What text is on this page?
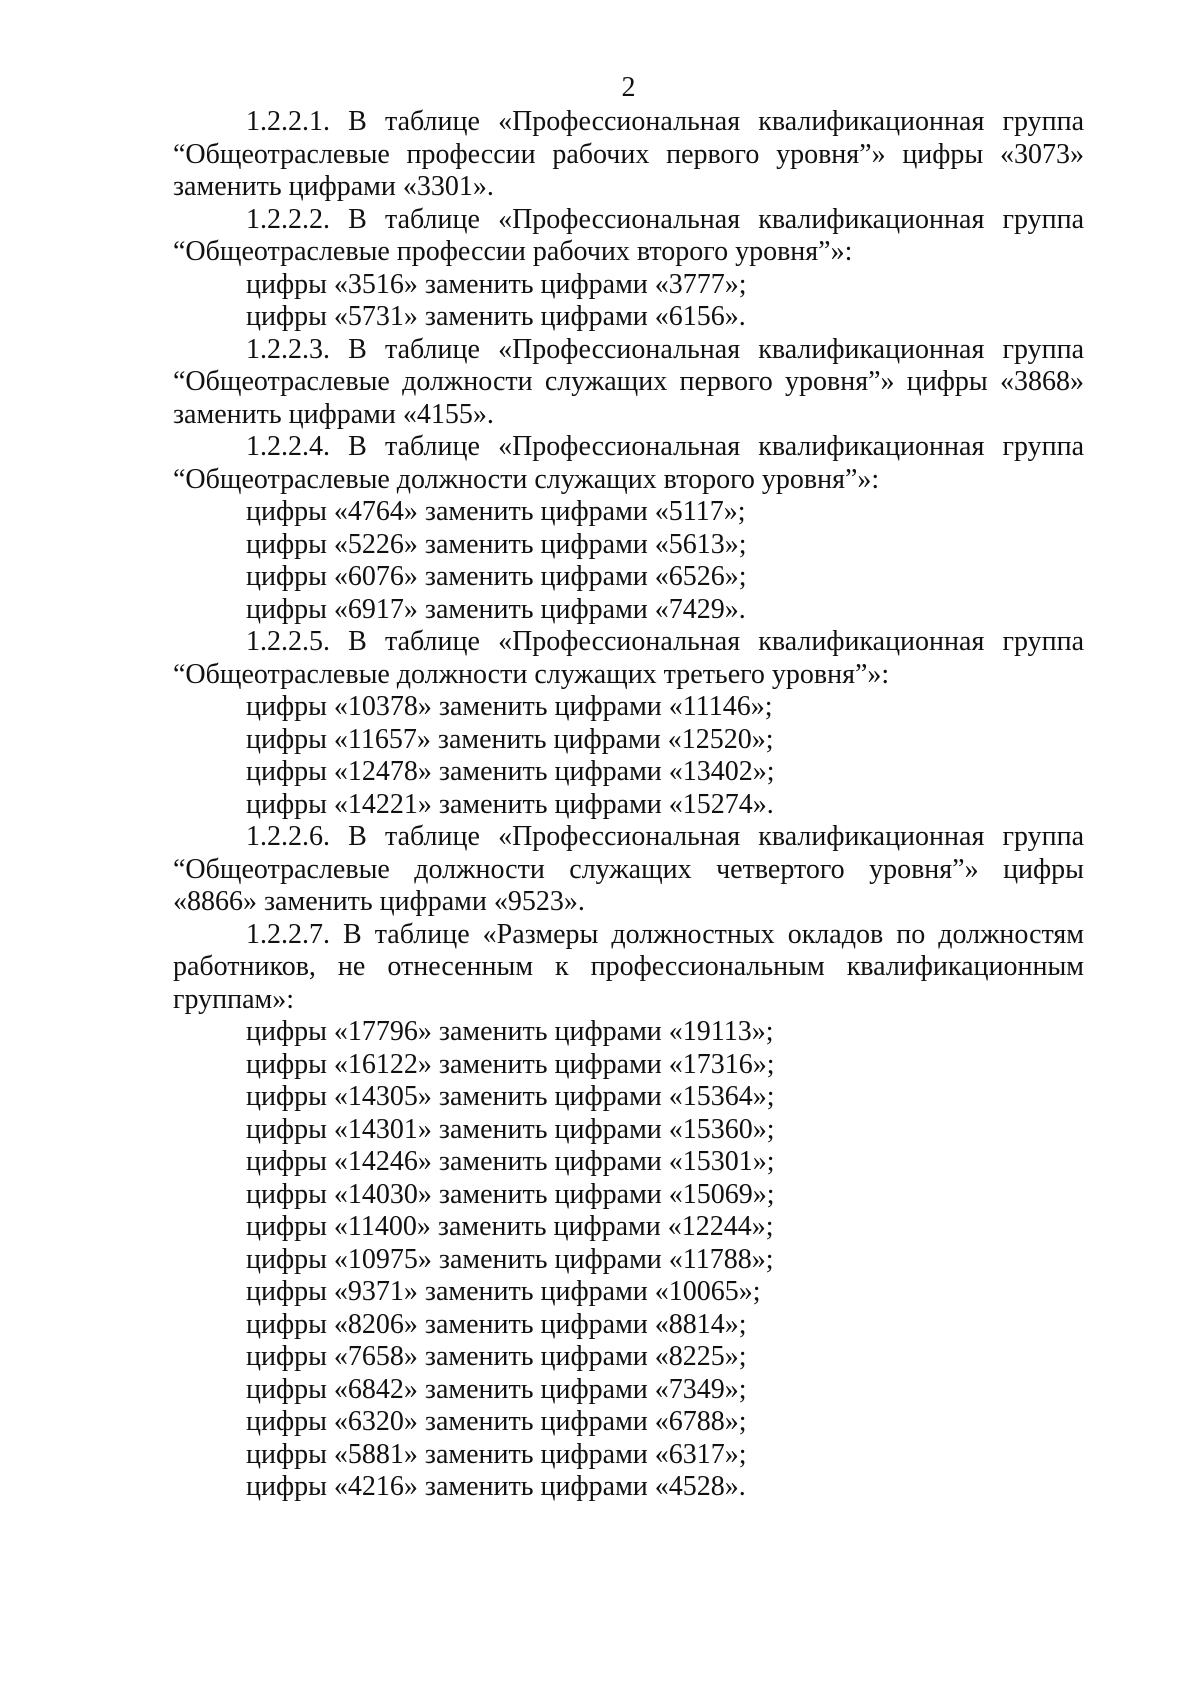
2

1.2.2.1. В таблице «Профессиональная квалификационная группа “Общеотраслевые профессии рабочих первого уровня”» цифры «3073» заменить цифрами «3301».

1.2.2.2. В таблице «Профессиональная квалификационная группа “Общеотраслевые профессии рабочих второго уровня”»:

цифры «3516» заменить цифрами «3777»;

цифры «5731» заменить цифрами «6156».

1.2.2.3. В таблице «Профессиональная квалификационная группа “Общеотраслевые должности служащих первого уровня”» цифры «3868» заменить цифрами «4155».

1.2.2.4. В таблице «Профессиональная квалификационная группа “Общеотраслевые должности служащих второго уровня”»:

цифры «4764» заменить цифрами «5117»;

цифры «5226» заменить цифрами «5613»;

цифры «6076» заменить цифрами «6526»;

цифры «6917» заменить цифрами «7429».

1.2.2.5. В таблице «Профессиональная квалификационная группа “Общеотраслевые должности служащих третьего уровня”»:

цифры «10378» заменить цифрами «11146»;

цифры «11657» заменить цифрами «12520»;

цифры «12478» заменить цифрами «13402»;

цифры «14221» заменить цифрами «15274».

1.2.2.6. В таблице «Профессиональная квалификационная группа “Общеотраслевые должности служащих четвертого уровня”» цифры «8866» заменить цифрами «9523».

1.2.2.7. В таблице «Размеры должностных окладов по должностям работников, не отнесенным к профессиональным квалификационным группам»:

цифры «17796» заменить цифрами «19113»;

цифры «16122» заменить цифрами «17316»;

цифры «14305» заменить цифрами «15364»;

цифры «14301» заменить цифрами «15360»;

цифры «14246» заменить цифрами «15301»;

цифры «14030» заменить цифрами «15069»;

цифры «11400» заменить цифрами «12244»;

цифры «10975» заменить цифрами «11788»;

цифры «9371» заменить цифрами «10065»;

цифры «8206» заменить цифрами «8814»;

цифры «7658» заменить цифрами «8225»;

цифры «6842» заменить цифрами «7349»;

цифры «6320» заменить цифрами «6788»;

цифры «5881» заменить цифрами «6317»;

цифры «4216» заменить цифрами «4528».
